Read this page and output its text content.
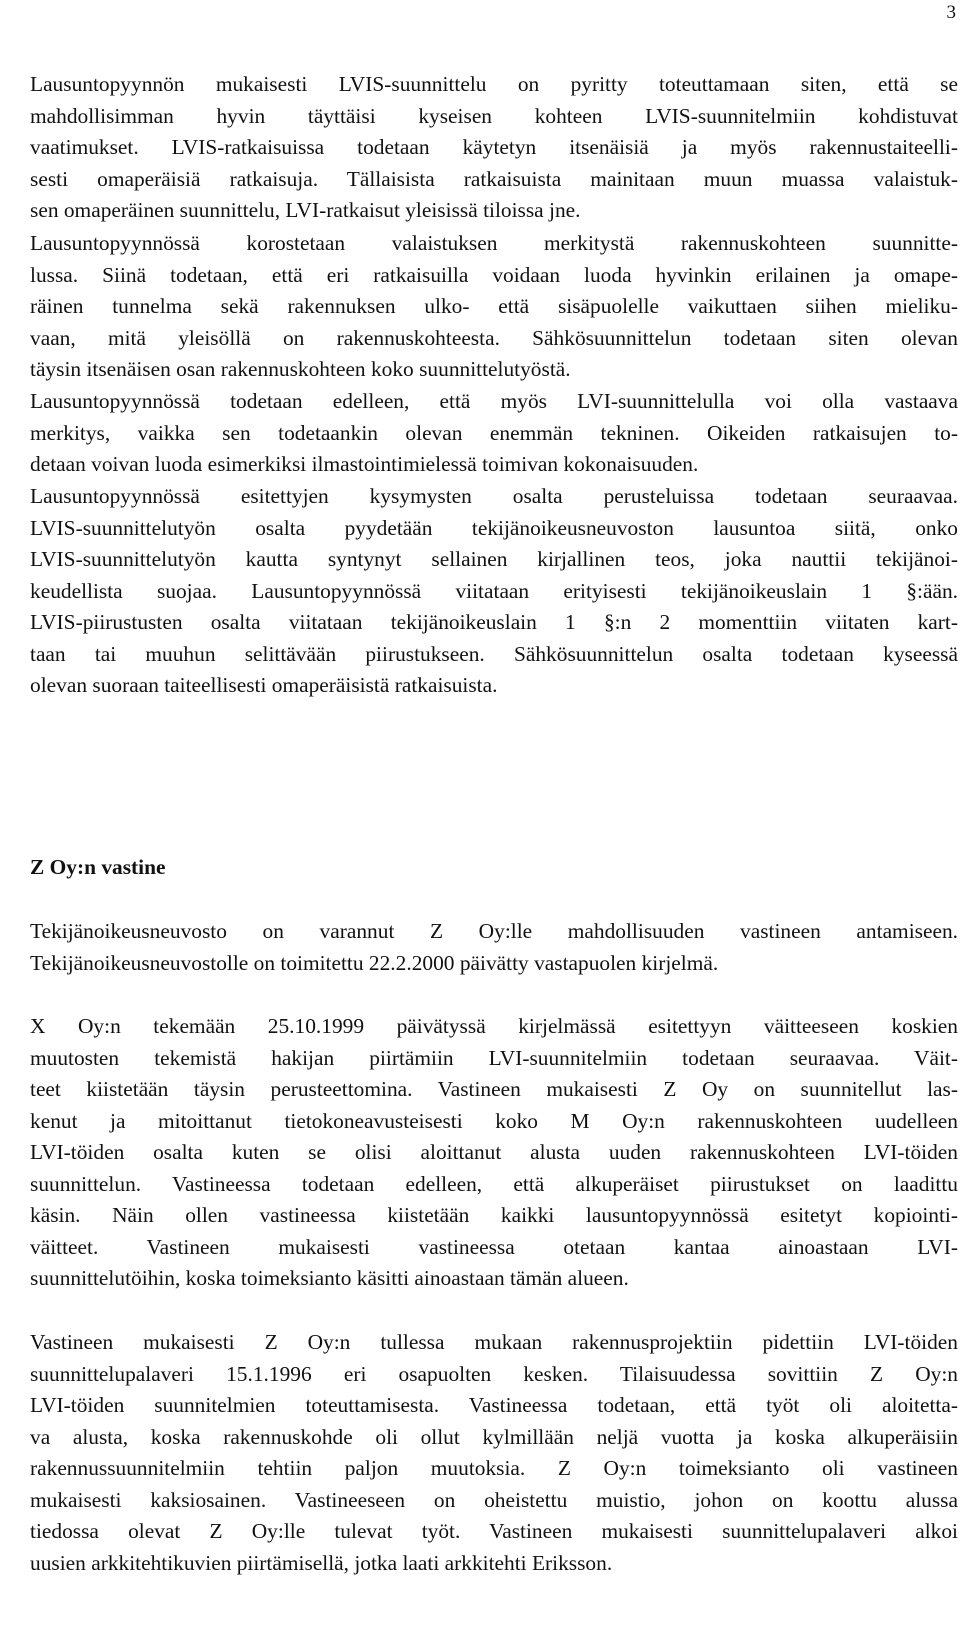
3

Lausuntopyynnön mukaisesti LVIS-suunnittelu on pyritty toteuttamaan siten, että se
mahdollisimman hyvin täyttäisi kyseisen kohteen LVIS-suunnitelmiin kohdistuvat
vaatimukset. LVIS-ratkaisuissa todetaan käytetyn itsenäisiä ja myös rakennustaiteelli-
sesti omaperäisiä ratkaisuja. Tällaisista ratkaisuista mainitaan muun muassa valaistuk-
sen omaperäinen suunnittelu, LVI-ratkaisut yleisissä tiloissa jne.

Lausuntopyynnössä korostetaan valaistuksen merkitystä rakennuskohteen suunnitte-
lussa. Siinä todetaan, että eri ratkaisuilla voidaan luoda hyvinkin erilainen ja omape-
räinen tunnelma sekä rakennuksen ulko- että sisäpuolelle vaikuttaen siihen mieliku-
vaan, mitä yleisöllä on rakennuskohteesta. Sähkösuunnittelun todetaan siten olevan
täysin itsenäisen osan rakennuskohteen koko suunnittelutyöstä.

Lausuntopyynnössä todetaan edelleen, että myös LVI-suunnittelulla voi olla vastaava
merkitys, vaikka sen todetaankin olevan enemmän tekninen. Oikeiden ratkaisujen to-
detaan voivan luoda esimerkiksi ilmastointimielessä toimivan kokonaisuuden.

Lausuntopyynnössä esitettyjen kysymysten osalta perusteluissa todetaan seuraavaa.
LVIS-suunnittelutyön osalta pyydetään tekijänoikeusneuvoston lausuntoa siitä, onko
LVIS-suunnittelutyön kautta syntynyt sellainen kirjallinen teos, joka nauttii tekijänoi-
keudellista suojaa. Lausuntopyynnössä viitataan erityisesti tekijänoikeuslain 1 §:ään.
LVIS-piirustusten osalta viitataan tekijänoikeuslain 1 §:n 2 momenttiin viitaten kart-
taan tai muuhun selittävään piirustukseen. Sähkösuunnittelun osalta todetaan kyseessä
olevan suoraan taiteellisesti omaperäisistä ratkaisuista.

Z Oy:n vastine

Tekijänoikeusneuvosto on varannut Z Oy:lle mahdollisuuden vastineen antamiseen.
Tekijänoikeusneuvostolle on toimitettu 22.2.2000 päivätty vastapuolen kirjelmä.

X Oy:n tekemään 25.10.1999 päivätyssä kirjelmässä esitettyyn väitteeseen koskien
muutosten tekemistä hakijan piirtämiin LVI-suunnitelmiin todetaan seuraavaa. Väit-
teet kiistetään täysin perusteettomina. Vastineen mukaisesti Z Oy on suunnitellut las-
kenut ja mitoittanut tietokoneavusteisesti koko M Oy:n rakennuskohteen uudelleen
LVI-töiden osalta kuten se olisi aloittanut alusta uuden rakennuskohteen LVI-töiden
suunnittelun. Vastineessa todetaan edelleen, että alkuperäiset piirustukset on laadittu
käsin. Näin ollen vastineessa kiistetään kaikki lausuntopyynnössä esitetyt kopiointi-
väitteet. Vastineen mukaisesti vastineessa otetaan kantaa ainoastaan LVI-
suunnittelutöihin, koska toimeksianto käsitti ainoastaan tämän alueen.

Vastineen mukaisesti Z Oy:n tullessa mukaan rakennusprojektiin pidettiin LVI-töiden
suunnittelupalaveri 15.1.1996 eri osapuolten kesken. Tilaisuudessa sovittiin Z Oy:n
LVI-töiden suunnitelmien toteuttamisesta. Vastineessa todetaan, että työt oli aloitetta-
va alusta, koska rakennuskohde oli ollut kylmillään neljä vuotta ja koska alkuperäisiin
rakennussuunnitelmiin tehtiin paljon muutoksia. Z Oy:n toimeksianto oli vastineen
mukaisesti kaksiosainen. Vastineeseen on oheistettu muistio, johon on koottu alussa
tiedossa olevat Z Oy:lle tulevat työt. Vastineen mukaisesti suunnittelupalaveri alkoi
uusien arkkitehtikuvien piirtämisellä, jotka laati arkkitehti Eriksson.
